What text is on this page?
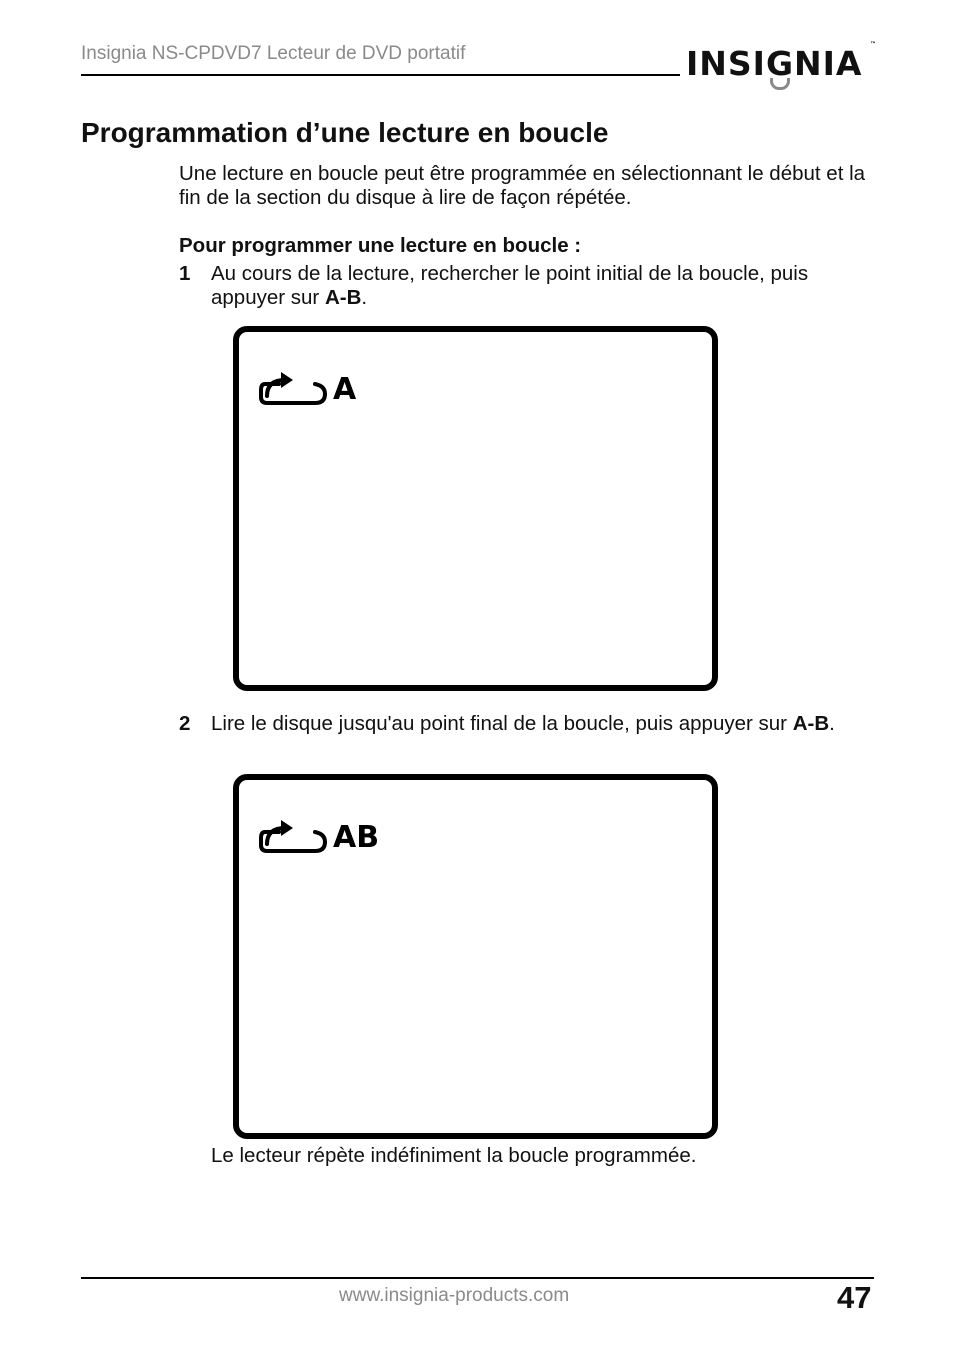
Insignia NS-CPDVD7 Lecteur de DVD portatif	INSIGNIA ™
Programmation d’une lecture en boucle

Une lecture en boucle peut être programmée en sélectionnant le début et la fin de la section du disque à lire de façon répétée.

Pour programmer une lecture en boucle :

1 Au cours de la lecture, rechercher le point initial de la boucle, puis appuyer sur A-B.

A
2 Lire le disque jusqu'au point final de la boucle, puis appuyer sur A-B.

AB

Le lecteur répète indéfiniment la boucle programmée.

www.insignia-products.com	47
